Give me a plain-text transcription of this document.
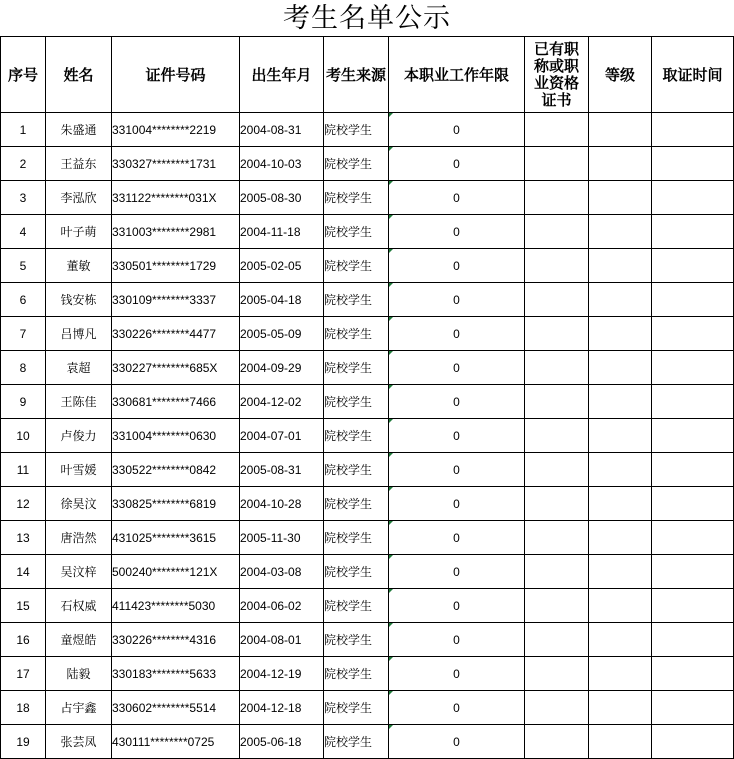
考生名单公示
序号	姓名	证件号码	出生年月	考生来源	本职业工作年限	已有职称或职业资格证书	等级	取证时间
1	朱盛通	331004********2219	2004-08-31	院校学生	0

2	王益东	330327********1731	2004-10-03	院校学生	0

3	李泓欣	331122********031X	2005-08-30	院校学生	0

4	叶子萌	331003********2981	2004-11-18	院校学生	0

5	董敏	330501********1729	2005-02-05	院校学生	0

6	钱安栋	330109********3337	2005-04-18	院校学生	0

7	吕博凡	330226********4477	2005-05-09	院校学生	0

8	袁超	330227********685X	2004-09-29	院校学生	0

9	王陈佳	330681********7466	2004-12-02	院校学生	0

10	卢俊力	331004********0630	2004-07-01	院校学生	0

11	叶雪媛	330522********0842	2005-08-31	院校学生	0

12	徐昊汶	330825********6819	2004-10-28	院校学生	0

13	唐浩然	431025********3615	2005-11-30	院校学生	0

14	吴汶梓	500240********121X	2004-03-08	院校学生	0

15	石权威	411423********5030	2004-06-02	院校学生	0

16	童煜皓	330226********4316	2004-08-01	院校学生	0

17	陆毅	330183********5633	2004-12-19	院校学生	0

18	占宇鑫	330602********5514	2004-12-18	院校学生	0

19	张芸凤	430111********0725	2005-06-18	院校学生	0
